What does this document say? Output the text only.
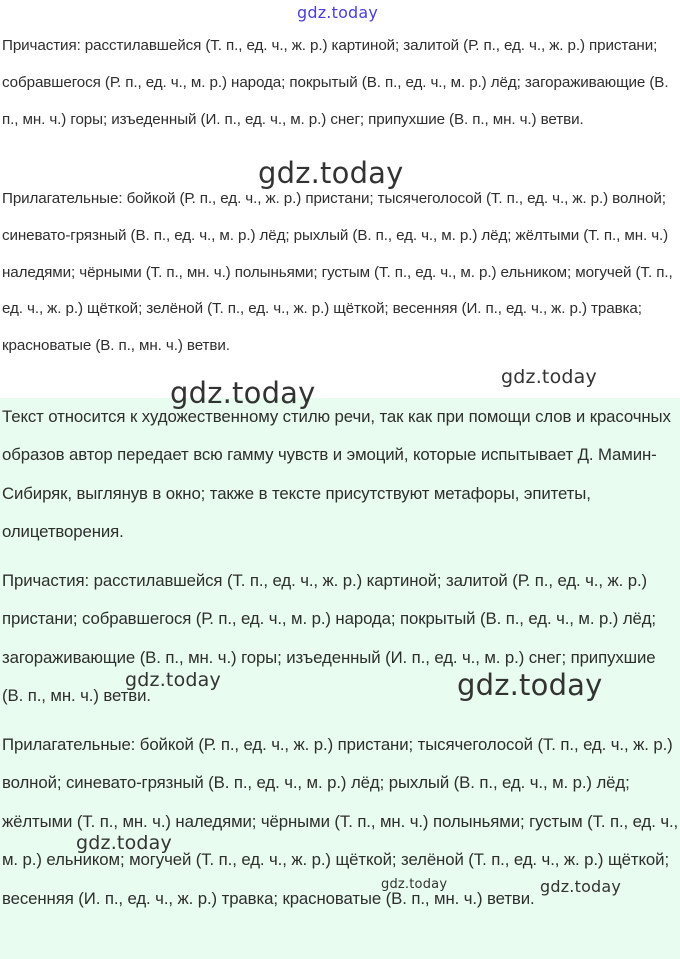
Причастия: расстилавшейся (Т. п., ед. ч., ж. р.) картиной; залитой (Р. п., ед. ч., ж. р.) пристани; собравшегося (Р. п., ед. ч., м. р.) народа; покрытый (В. п., ед. ч., м. р.) лёд; загораживающие (В. п., мн. ч.) горы; изъеденный (И. п., ед. ч., м. р.) снег; припухшие (В. п., мн. ч.) ветви.

Прилагательные: бойкой (Р. п., ед. ч., ж. р.) пристани; тысячеголосой (Т. п., ед. ч., ж. р.) волной; синевато-грязный (В. п., ед. ч., м. р.) лёд; рыхлый (В. п., ед. ч., м. р.) лёд; жёлтыми (Т. п., мн. ч.) наледями; чёрными (Т. п., мн. ч.) полыньями; густым (Т. п., ед. ч., м. р.) ельником; могучей (Т. п., ед. ч., ж. р.) щёткой; зелёной (Т. п., ед. ч., ж. р.) щёткой; весенняя (И. п., ед. ч., ж. р.) травка; красноватые (В. п., мн. ч.) ветви.

Текст относится к художественному стилю речи, так как при помощи слов и красочных образов автор передает всю гамму чувств и эмоций, которые испытывает Д. Мамин-Сибиряк, выглянув в окно; также в тексте присутствуют метафоры, эпитеты, олицетворения.

Причастия: расстилавшейся (Т. п., ед. ч., ж. р.) картиной; залитой (Р. п., ед. ч., ж. р.) пристани; собравшегося (Р. п., ед. ч., м. р.) народа; покрытый (В. п., ед. ч., м. р.) лёд; загораживающие (В. п., мн. ч.) горы; изъеденный (И. п., ед. ч., м. р.) снег; припухшие (В. п., мн. ч.) ветви.

Прилагательные: бойкой (Р. п., ед. ч., ж. р.) пристани; тысячеголосой (Т. п., ед. ч., ж. р.) волной; синевато-грязный (В. п., ед. ч., м. р.) лёд; рыхлый (В. п., ед. ч., м. р.) лёд; жёлтыми (Т. п., мн. ч.) наледями; чёрными (Т. п., мн. ч.) полыньями; густым (Т. п., ед. ч., м. р.) ельником; могучей (Т. п., ед. ч., ж. р.) щёткой; зелёной (Т. п., ед. ч., ж. р.) щёткой; весенняя (И. п., ед. ч., ж. р.) травка; красноватые (В. п., мн. ч.) ветви.

gdz.today
gdz.today
gdz.today	gdz.today
gdz.today
gdz.today
gdz.today
gdz.today	gdz.today
